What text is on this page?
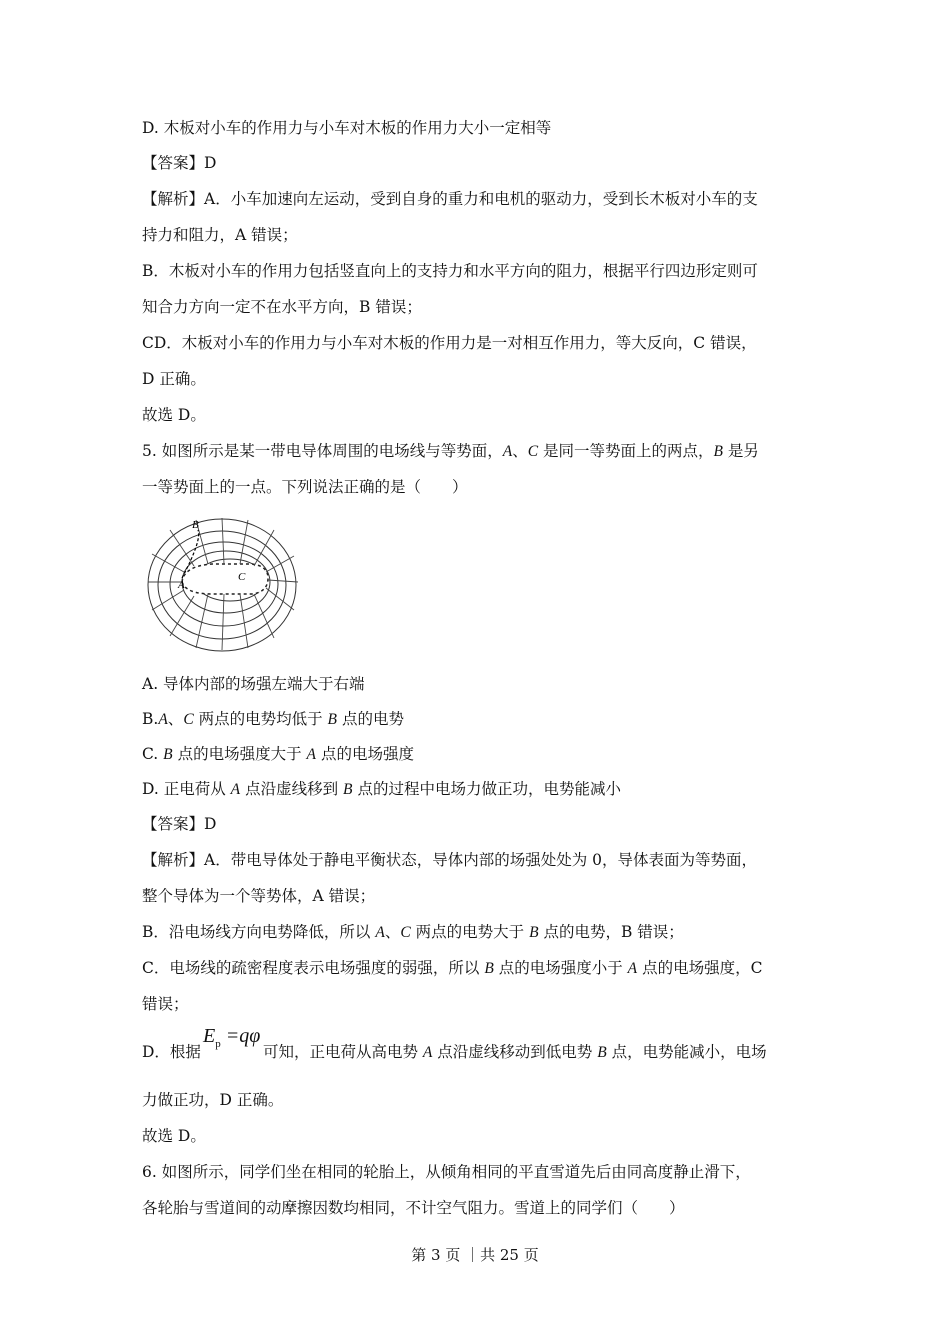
D. 木板对小车的作用力与小车对木板的作用力大小一定相等
【答案】D
【解析】A．小车加速向左运动，受到自身的重力和电机的驱动力，受到长木板对小车的支
持力和阻力，A 错误；
B．木板对小车的作用力包括竖直向上的支持力和水平方向的阻力，根据平行四边形定则可
知合力方向一定不在水平方向，B 错误；
CD．木板对小车的作用力与小车对木板的作用力是一对相互作用力，等大反向，C 错误，
D 正确。
故选 D。
5. 如图所示是某一带电导体周围的电场线与等势面，A、C 是同一等势面上的两点，B 是另
一等势面上的一点。下列说法正确的是（　　）
B
A
C
A. 导体内部的场强左端大于右端
B.A、C 两点的电势均低于 B 点的电势
C. B 点的电场强度大于 A 点的电场强度
D. 正电荷从 A 点沿虚线移到 B 点的过程中电场力做正功，电势能减小
【答案】D
【解析】A．带电导体处于静电平衡状态，导体内部的场强处处为 0，导体表面为等势面，
整个导体为一个等势体，A 错误；
B．沿电场线方向电势降低，所以 A、C 两点的电势大于 B 点的电势，B 错误；
C．电场线的疏密程度表示电场强度的弱强，所以 B 点的电场强度小于 A 点的电场强度，C
错误；
D．根据	可知，正电荷从高电势 A 点沿虚线移动到低电势 B 点，电势能减小，电场
$E_p =q\varphi$
力做正功，D 正确。
故选 D。
6. 如图所示，同学们坐在相同的轮胎上，从倾角相同的平直雪道先后由同高度静止滑下，
各轮胎与雪道间的动摩擦因数均相同，不计空气阻力。雪道上的同学们（　　）
第 3 页 ｜共 25 页
